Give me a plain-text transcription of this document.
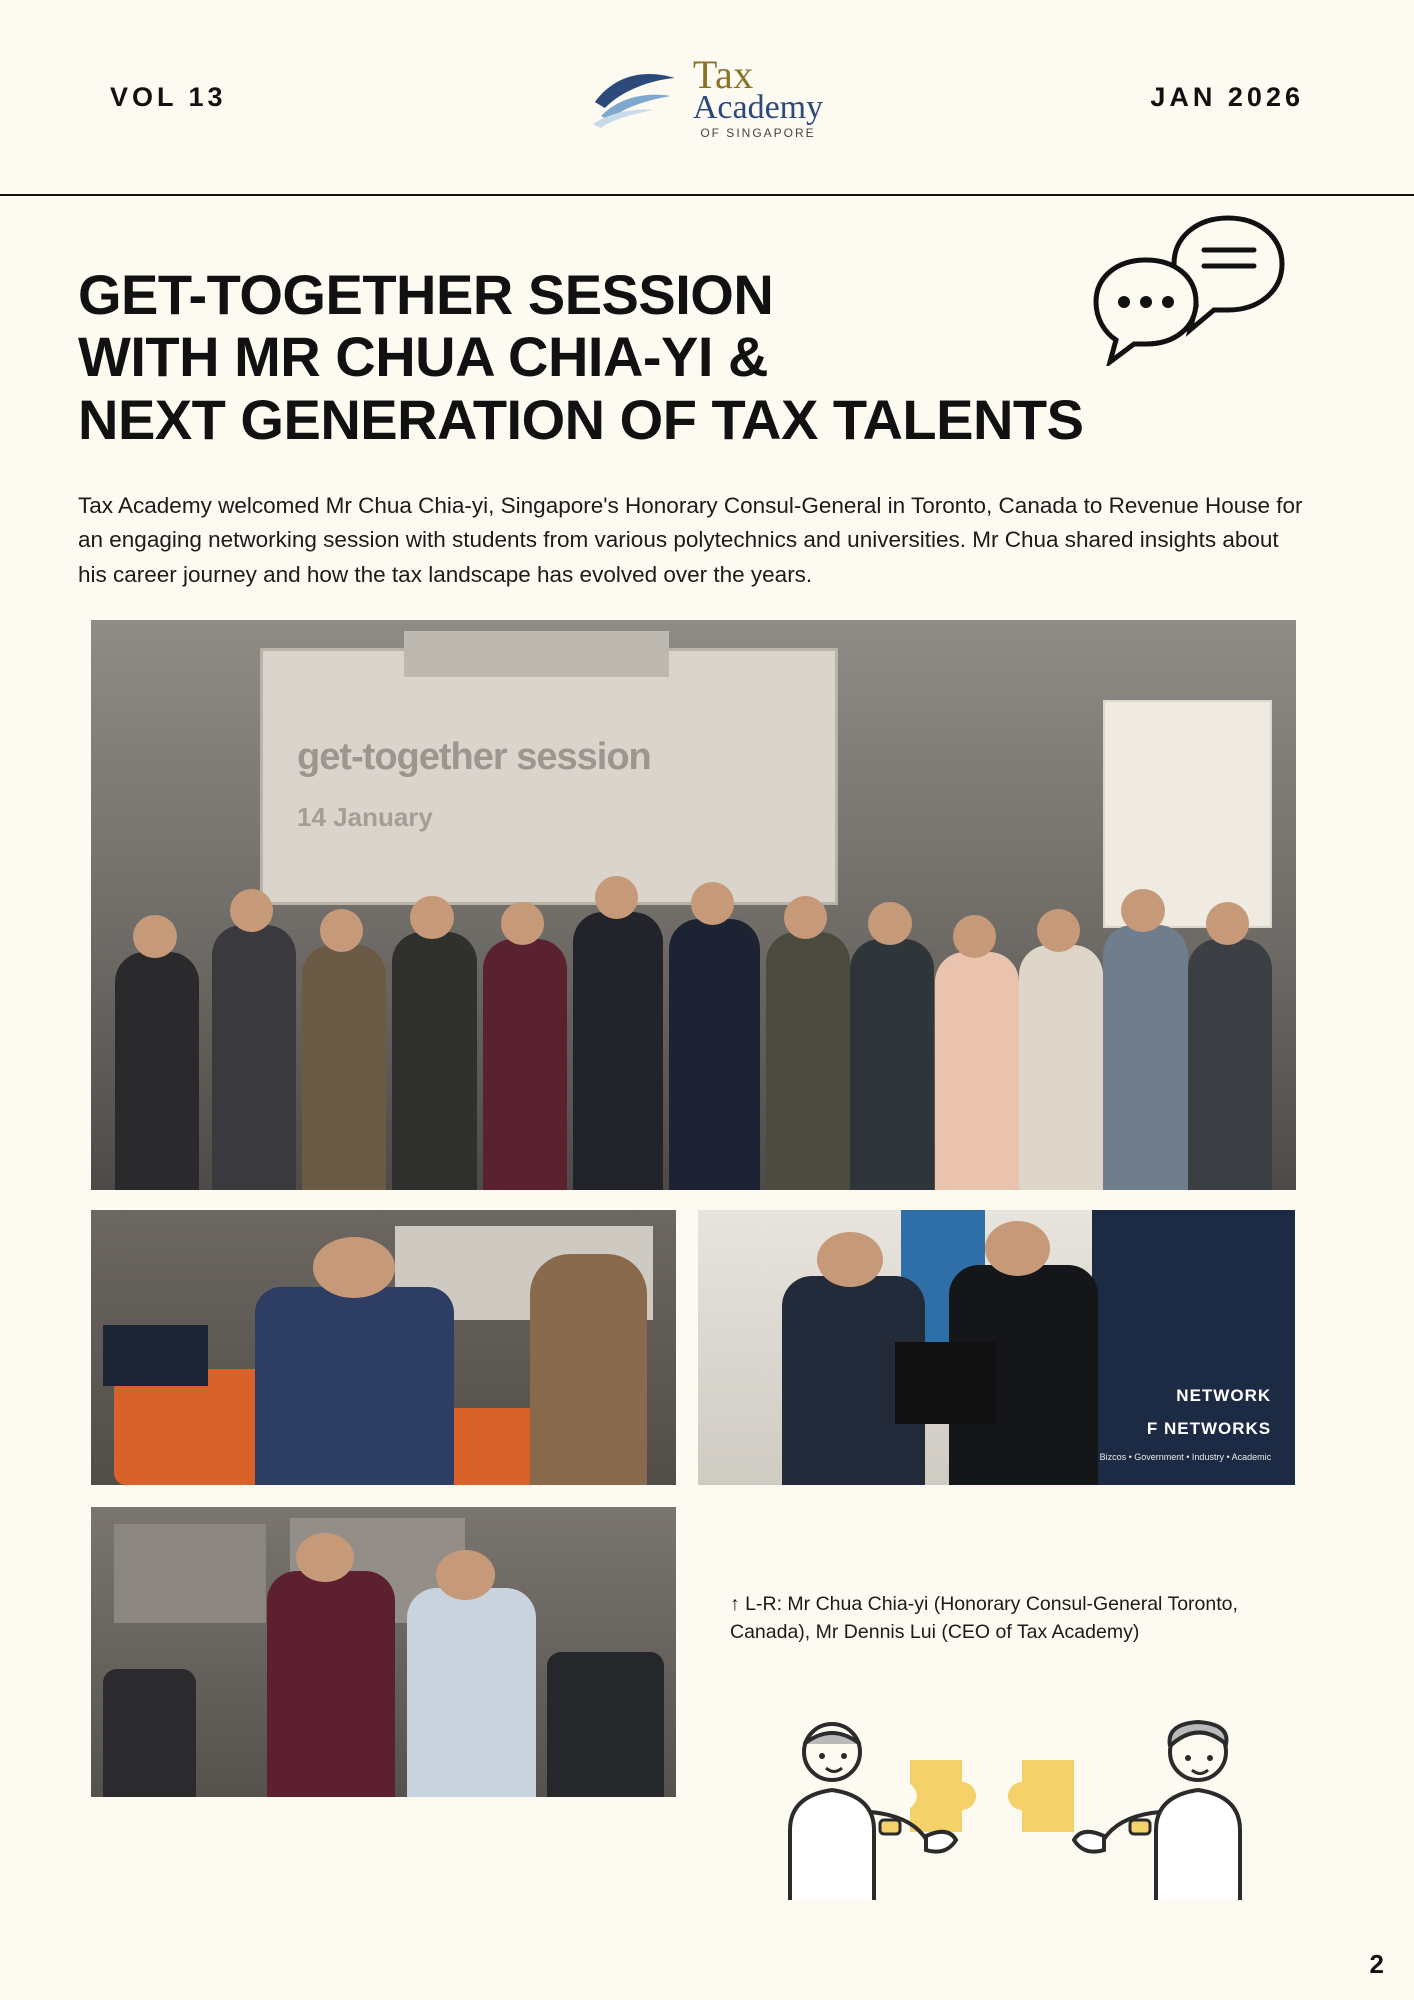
VOL 13	Tax
Academy
OF SINGAPORE
JAN 2026
GET-TOGETHER SESSION
WITH MR CHUA CHIA-YI &
NEXT GENERATION OF TAX TALENTS

Tax Academy welcomed Mr Chua Chia-yi, Singapore's Honorary Consul-General in Toronto, Canada to Revenue House for an engaging networking session with students from various polytechnics and universities. Mr Chua shared insights about his career journey and how the tax landscape has evolved over the years.

get-together session
14 January
NETWORK
F NETWORKS
Bizcos • Government • Industry • Academic
↑ L-R: Mr Chua Chia-yi (Honorary Consul-General Toronto, Canada), Mr Dennis Lui (CEO of Tax Academy)
2
